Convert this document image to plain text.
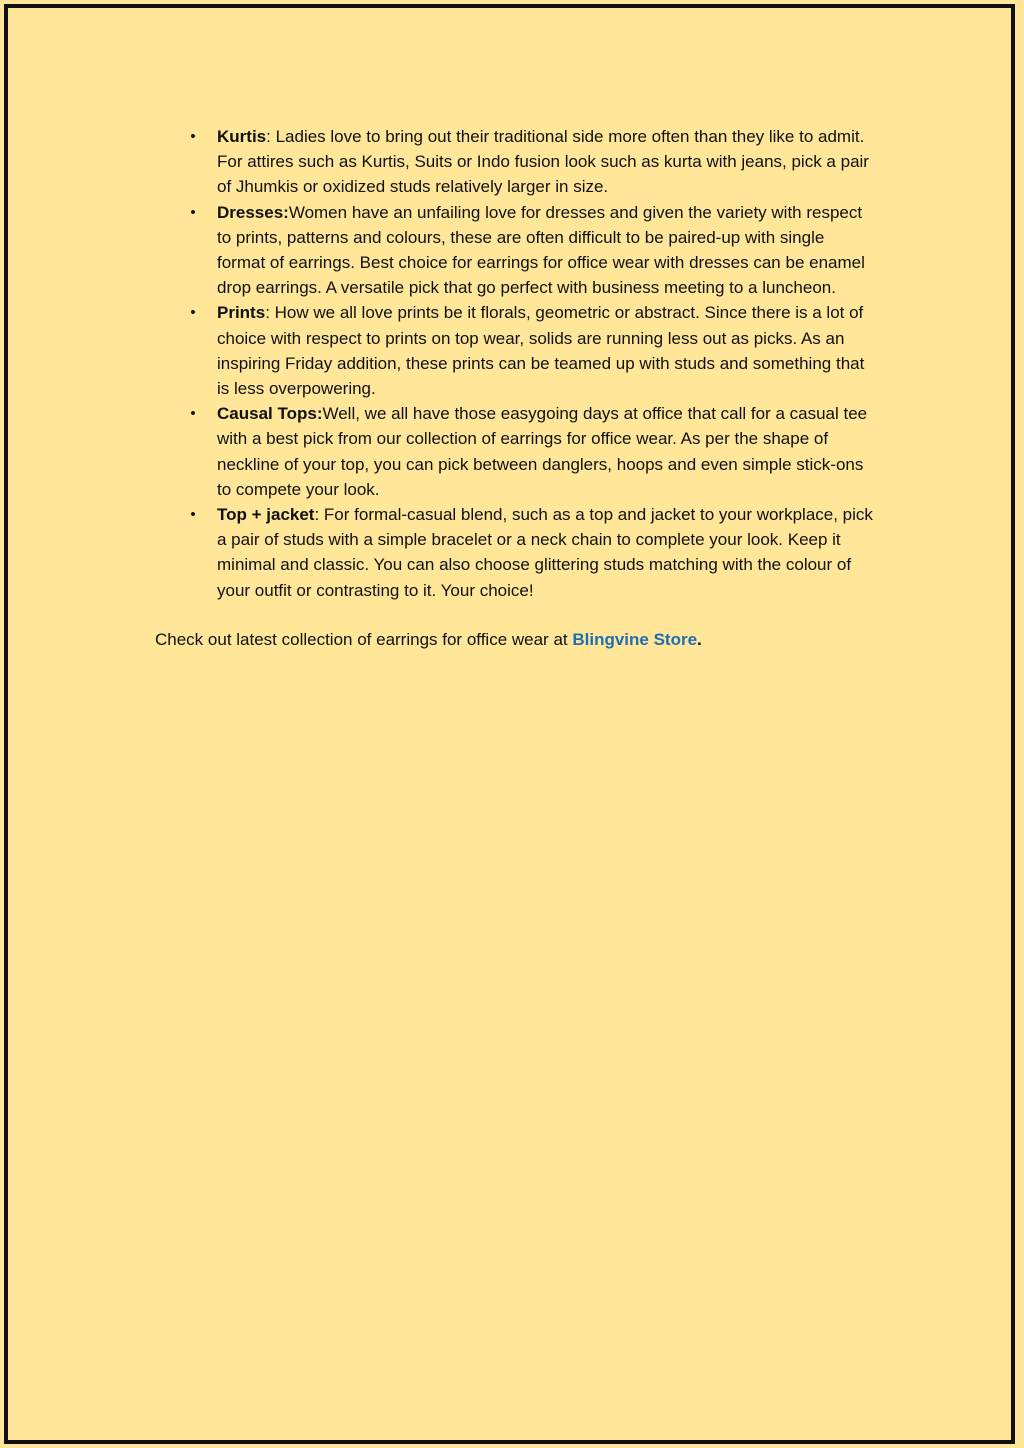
• Kurtis: Ladies love to bring out their traditional side more often than they like to admit. For attires such as Kurtis, Suits or Indo fusion look such as kurta with jeans, pick a pair of Jhumkis or oxidized studs relatively larger in size.
• Dresses:Women have an unfailing love for dresses and given the variety with respect to prints, patterns and colours, these are often difficult to be paired-up with single format of earrings. Best choice for earrings for office wear with dresses can be enamel drop earrings. A versatile pick that go perfect with business meeting to a luncheon.
• Prints: How we all love prints be it florals, geometric or abstract. Since there is a lot of choice with respect to prints on top wear, solids are running less out as picks. As an inspiring Friday addition, these prints can be teamed up with studs and something that is less overpowering.
• Causal Tops:Well, we all have those easygoing days at office that call for a casual tee with a best pick from our collection of earrings for office wear. As per the shape of neckline of your top, you can pick between danglers, hoops and even simple stick-ons to compete your look.
• Top + jacket: For formal-casual blend, such as a top and jacket to your workplace, pick a pair of studs with a simple bracelet or a neck chain to complete your look. Keep it minimal and classic. You can also choose glittering studs matching with the colour of your outfit or contrasting to it. Your choice!

Check out latest collection of earrings for office wear at Blingvine Store.
